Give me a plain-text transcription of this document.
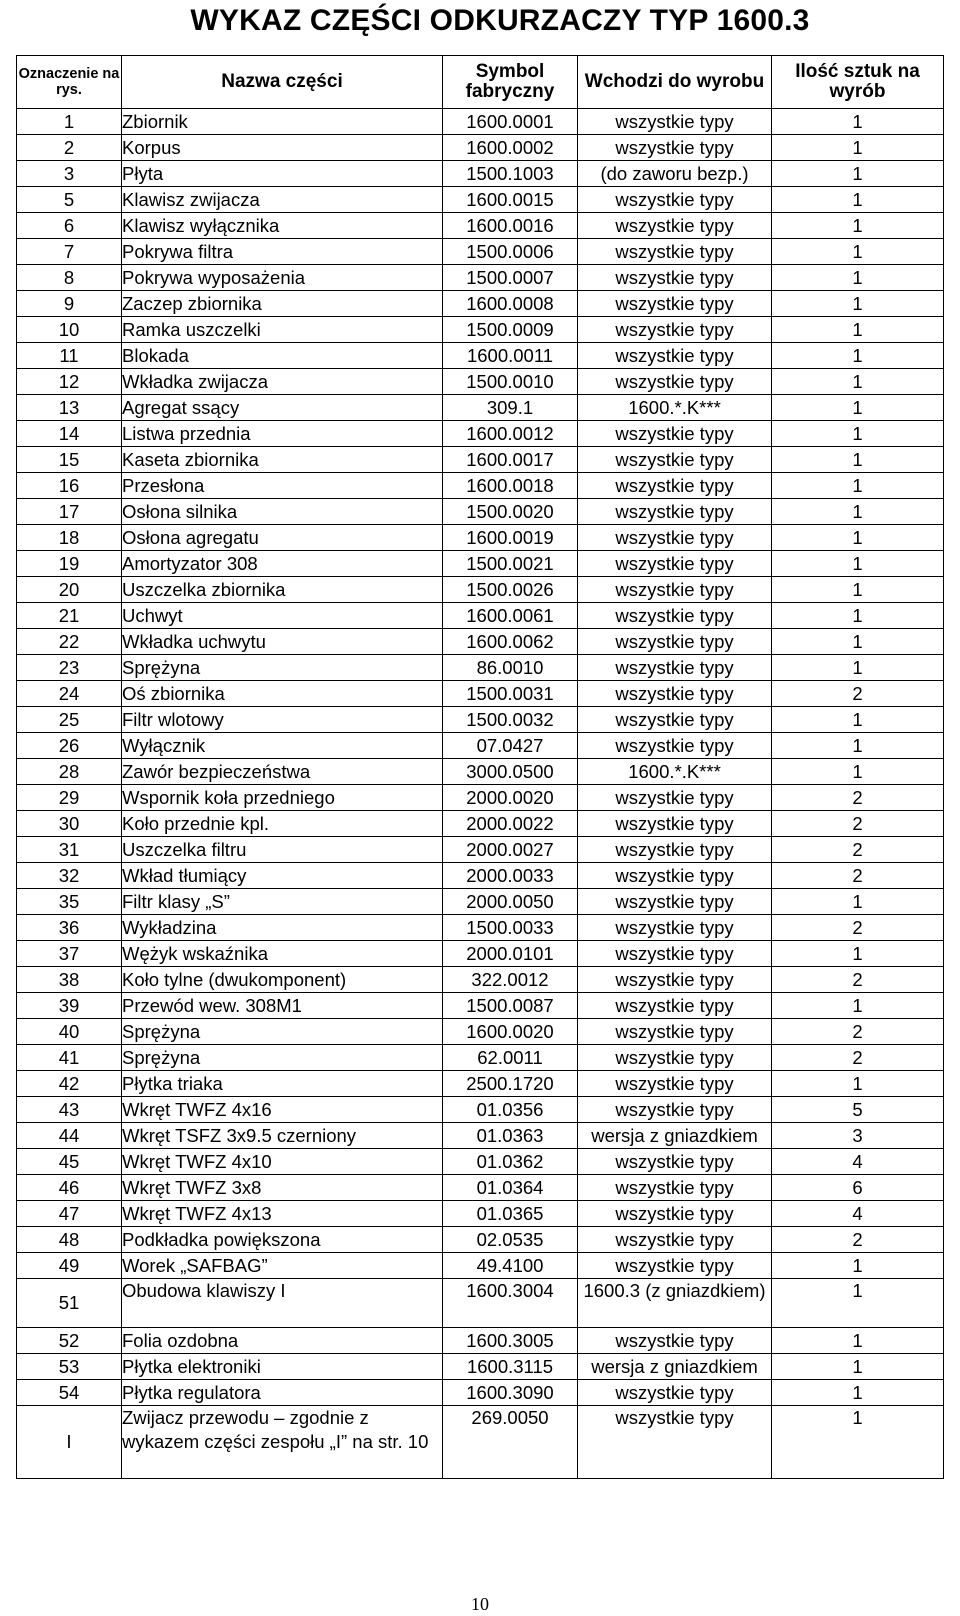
WYKAZ CZĘŚCI ODKURZACZY TYP 1600.3
Oznaczenie na rys.	Nazwa części	Symbol fabryczny	Wchodzi do wyrobu	Ilość sztuk na wyrób
1	Zbiornik	1600.0001	wszystkie typy	1
2	Korpus	1600.0002	wszystkie typy	1
3	Płyta	1500.1003	(do zaworu bezp.)	1
5	Klawisz zwijacza	1600.0015	wszystkie typy	1
6	Klawisz wyłącznika	1600.0016	wszystkie typy	1
7	Pokrywa filtra	1500.0006	wszystkie typy	1
8	Pokrywa wyposażenia	1500.0007	wszystkie typy	1
9	Zaczep zbiornika	1600.0008	wszystkie typy	1
10	Ramka uszczelki	1500.0009	wszystkie typy	1
11	Blokada	1600.0011	wszystkie typy	1
12	Wkładka zwijacza	1500.0010	wszystkie typy	1
13	Agregat ssący	309.1	1600.*.K***	1
14	Listwa przednia	1600.0012	wszystkie typy	1
15	Kaseta zbiornika	1600.0017	wszystkie typy	1
16	Przesłona	1600.0018	wszystkie typy	1
17	Osłona silnika	1500.0020	wszystkie typy	1
18	Osłona agregatu	1600.0019	wszystkie typy	1
19	Amortyzator 308	1500.0021	wszystkie typy	1
20	Uszczelka zbiornika	1500.0026	wszystkie typy	1
21	Uchwyt	1600.0061	wszystkie typy	1
22	Wkładka uchwytu	1600.0062	wszystkie typy	1
23	Sprężyna	86.0010	wszystkie typy	1
24	Oś zbiornika	1500.0031	wszystkie typy	2
25	Filtr wlotowy	1500.0032	wszystkie typy	1
26	Wyłącznik	07.0427	wszystkie typy	1
28	Zawór bezpieczeństwa	3000.0500	1600.*.K***	1
29	Wspornik koła przedniego	2000.0020	wszystkie typy	2
30	Koło przednie kpl.	2000.0022	wszystkie typy	2
31	Uszczelka filtru	2000.0027	wszystkie typy	2
32	Wkład tłumiący	2000.0033	wszystkie typy	2
35	Filtr klasy „S”	2000.0050	wszystkie typy	1
36	Wykładzina	1500.0033	wszystkie typy	2
37	Wężyk wskaźnika	2000.0101	wszystkie typy	1
38	Koło tylne (dwukomponent)	322.0012	wszystkie typy	2
39	Przewód wew. 308M1	1500.0087	wszystkie typy	1
40	Sprężyna	1600.0020	wszystkie typy	2
41	Sprężyna	62.0011	wszystkie typy	2
42	Płytka triaka	2500.1720	wszystkie typy	1
43	Wkręt TWFZ 4x16	01.0356	wszystkie typy	5
44	Wkręt TSFZ 3x9.5 czerniony	01.0363	wersja z gniazdkiem	3
45	Wkręt TWFZ 4x10	01.0362	wszystkie typy	4
46	Wkręt TWFZ 3x8	01.0364	wszystkie typy	6
47	Wkręt TWFZ 4x13	01.0365	wszystkie typy	4
48	Podkładka powiększona	02.0535	wszystkie typy	2
49	Worek „SAFBAG”	49.4100	wszystkie typy	1
51	Obudowa klawiszy I	1600.3004	1600.3 (z gniazdkiem)	1
52	Folia ozdobna	1600.3005	wszystkie typy	1
53	Płytka elektroniki	1600.3115	wersja z gniazdkiem	1
54	Płytka regulatora	1600.3090	wszystkie typy	1
I	Zwijacz przewodu – zgodnie z wykazem części zespołu „I” na str. 10	269.0050	wszystkie typy	1
10
